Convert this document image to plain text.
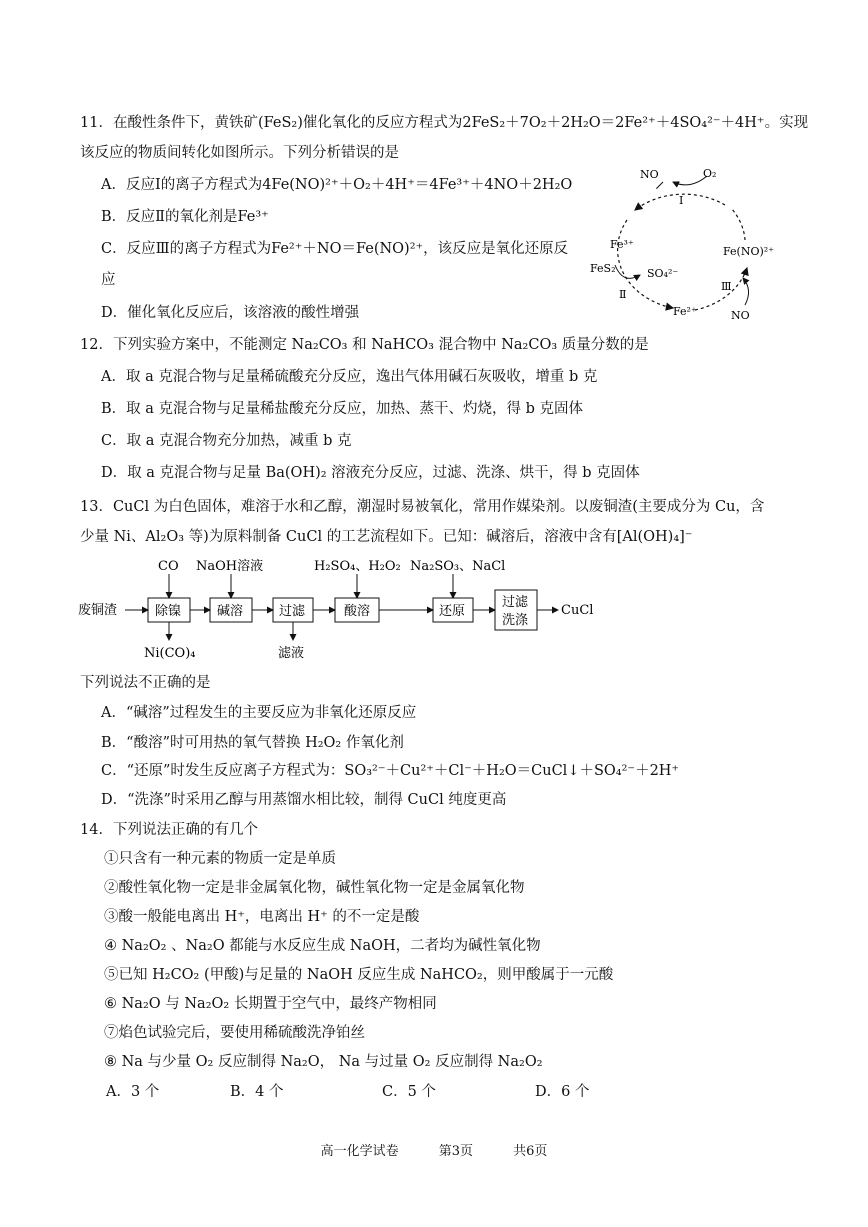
11．在酸性条件下，黄铁矿(FeS₂)催化氧化的反应方程式为2FeS₂＋7O₂＋2H₂O＝2Fe²⁺＋4SO₄²⁻＋4H⁺。实现
该反应的物质间转化如图所示。下列分析错误的是
A．反应Ⅰ的离子方程式为4Fe(NO)²⁺＋O₂＋4H⁺＝4Fe³⁺＋4NO＋2H₂O
B．反应Ⅱ的氧化剂是Fe³⁺
C．反应Ⅲ的离子方程式为Fe²⁺＋NO＝Fe(NO)²⁺，该反应是氧化还原反
应
D．催化氧化反应后，该溶液的酸性增强
NO	O₂
Ⅰ
Fe³⁺
Fe(NO)²⁺
FeS₂	SO₄²⁻
Ⅱ
Ⅲ
Fe²⁺	NO
12．下列实验方案中，不能测定 Na₂CO₃ 和 NaHCO₃ 混合物中 Na₂CO₃ 质量分数的是
A．取 a 克混合物与足量稀硫酸充分反应，逸出气体用碱石灰吸收，增重 b 克
B．取 a 克混合物与足量稀盐酸充分反应，加热、蒸干、灼烧，得 b 克固体
C．取 a 克混合物充分加热，减重 b 克
D．取 a 克混合物与足量 Ba(OH)₂ 溶液充分反应，过滤、洗涤、烘干，得 b 克固体
13．CuCl 为白色固体，难溶于水和乙醇，潮湿时易被氧化，常用作媒染剂。以废铜渣(主要成分为 Cu，含
少量 Ni、Al₂O₃ 等)为原料制备 CuCl 的工艺流程如下。已知：碱溶后，溶液中含有[Al(OH)₄]⁻
废铜渣
CO NaOH溶液	H₂SO₄、H₂O₂ Na₂SO₃、NaCl
除镍	碱溶	过滤	酸溶	还原
过滤
洗涤
CuCl
Ni(CO)₄	滤液
下列说法不正确的是
A．“碱溶”过程发生的主要反应为非氧化还原反应
B．“酸溶”时可用热的氧气替换 H₂O₂ 作氧化剂
C．“还原”时发生反应离子方程式为：SO₃²⁻＋Cu²⁺＋Cl⁻＋H₂O＝CuCl↓＋SO₄²⁻＋2H⁺
D．“洗涤”时采用乙醇与用蒸馏水相比较，制得 CuCl 纯度更高
14．下列说法正确的有几个
①只含有一种元素的物质一定是单质
②酸性氧化物一定是非金属氧化物，碱性氧化物一定是金属氧化物
③酸一般能电离出 H⁺，电离出 H⁺ 的不一定是酸
④ Na₂O₂ 、Na₂O 都能与水反应生成 NaOH，二者均为碱性氧化物
⑤已知 H₂CO₂ (甲酸)与足量的 NaOH 反应生成 NaHCO₂，则甲酸属于一元酸
⑥ Na₂O 与 Na₂O₂ 长期置于空气中，最终产物相同
⑦焰色试验完后，要使用稀硫酸洗净铂丝
⑧ Na 与少量 O₂ 反应制得 Na₂O， Na 与过量 O₂ 反应制得 Na₂O₂
A．3 个	B．4 个	C．5 个	D．6 个
高一化学试卷	第3页	共6页
